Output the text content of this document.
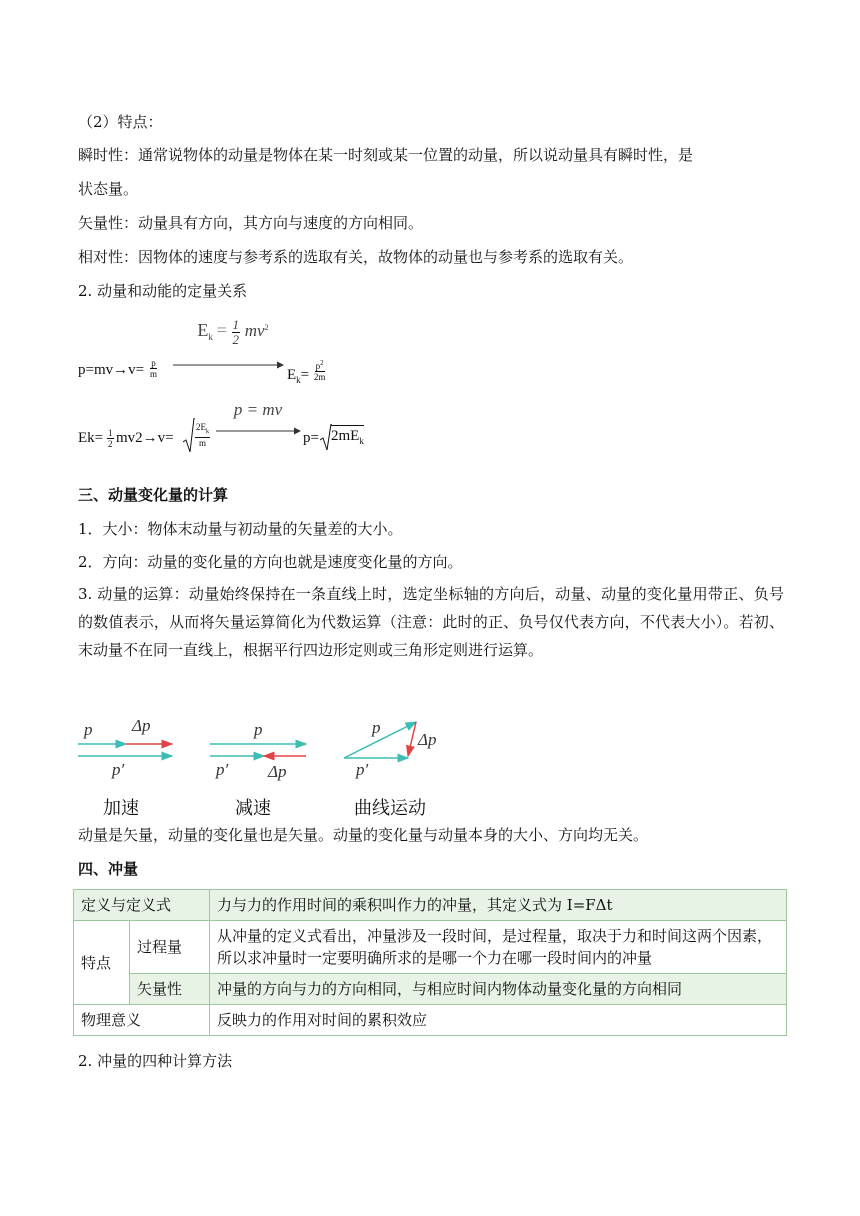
（2）特点：
瞬时性：通常说物体的动量是物体在某一时刻或某一位置的动量，所以说动量具有瞬时性，是
状态量。
矢量性：动量具有方向，其方向与速度的方向相同。
相对性：因物体的速度与参考系的选取有关，故物体的动量也与参考系的选取有关。
2. 动量和动能的定量关系
$p=mv\to v= \frac{p}{m}$
$E_k = \frac{1}{2} mv^2$
$E_k= \frac{p^2}{2m}$
$Ek= \frac{1}{2} mv2\to v= \frac{2E_k}{m}$
p = mv
$p= 2mE_k$
三、动量变化量的计算
1．大小：物体末动量与初动量的矢量差的大小。
2．方向：动量的变化量的方向也就是速度变化量的方向。
3. 动量的运算：动量始终保持在一条直线上时，选定坐标轴的方向后，动量、动量的变化量用带正、负号的数值表示，从而将矢量运算简化为代数运算（注意：此时的正、负号仅代表方向，不代表大小）。若初、末动量不在同一直线上，根据平行四边形定则或三角形定则进行运算。
p Δp
p′
p
p′ Δp
p
Δp
p′
加速	减速	曲线运动
动量是矢量，动量的变化量也是矢量。动量的变化量与动量本身的大小、方向均无关。
四、冲量
定义与定义式		力与力的作用时间的乘积叫作力的冲量，其定义式为 I=FΔt
特点	过程量	从冲量的定义式看出，冲量涉及一段时间，是过程量，取决于力和时间这两个因素，所以求冲量时一定要明确所求的是哪一个力在哪一段时间内的冲量
	矢量性	冲量的方向与力的方向相同，与相应时间内物体动量变化量的方向相同
物理意义		反映力的作用对时间的累积效应
2. 冲量的四种计算方法
